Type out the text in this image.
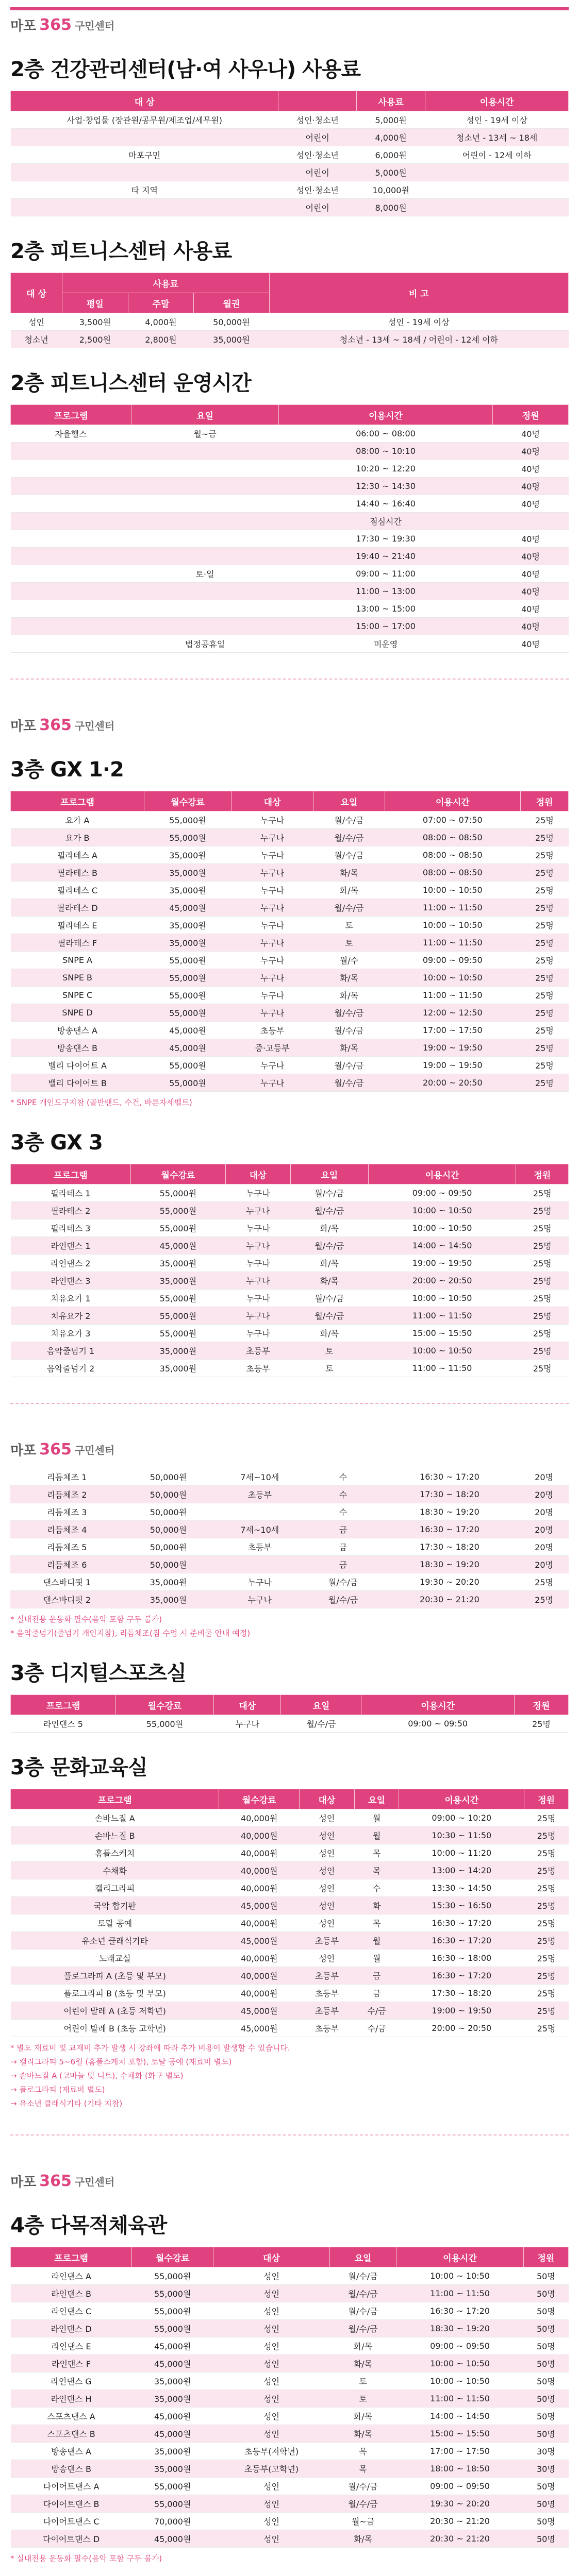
마포 365 구민센터
2층 건강관리센터(남·여 사우나) 사용료
대 상		사용료	이용시간
사업·창업물 (장관원/공무원/제조업/세무원)	성인·청소년	5,000원	성인 - 19세 이상
	어린이	4,000원	청소년 - 13세 ~ 18세
마포구민	성인·청소년	6,000원	어린이 - 12세 이하
	어린이	5,000원	
타 지역	성인·청소년	10,000원	
	어린이	8,000원	
2층 피트니스센터 사용료
대 상	사용료			비 고
	평일	주말	월권	
성인	3,500원	4,000원	50,000원	성인 - 19세 이상
청소년	2,500원	2,800원	35,000원	청소년 - 13세 ~ 18세 / 어린이 - 12세 이하
2층 피트니스센터 운영시간
프로그램	요일	이용시간	정원
자율헬스	월~금	06:00 ~ 08:00	40명
		08:00 ~ 10:10	40명
		10:20 ~ 12:20	40명
		12:30 ~ 14:30	40명
		14:40 ~ 16:40	40명
		점심시간	
		17:30 ~ 19:30	40명
		19:40 ~ 21:40	40명
	토·일	09:00 ~ 11:00	40명
		11:00 ~ 13:00	40명
		13:00 ~ 15:00	40명
		15:00 ~ 17:00	40명
	법정공휴일	미운영	40명
마포 365 구민센터
3층 GX 1·2
프로그램	월수강료	대상	요일	이용시간	정원
요가 A	55,000원	누구나	월/수/금	07:00 ~ 07:50	25명
요가 B	55,000원	누구나	월/수/금	08:00 ~ 08:50	25명
필라테스 A	35,000원	누구나	월/수/금	08:00 ~ 08:50	25명
필라테스 B	35,000원	누구나	화/목	08:00 ~ 08:50	25명
필라테스 C	35,000원	누구나	화/목	10:00 ~ 10:50	25명
필라테스 D	45,000원	누구나	월/수/금	11:00 ~ 11:50	25명
필라테스 E	35,000원	누구나	토	10:00 ~ 10:50	25명
필라테스 F	35,000원	누구나	토	11:00 ~ 11:50	25명
SNPE A	55,000원	누구나	월/수	09:00 ~ 09:50	25명
SNPE B	55,000원	누구나	화/목	10:00 ~ 10:50	25명
SNPE C	55,000원	누구나	화/목	11:00 ~ 11:50	25명
SNPE D	55,000원	누구나	월/수/금	12:00 ~ 12:50	25명
방송댄스 A	45,000원	초등부	월/수/금	17:00 ~ 17:50	25명
방송댄스 B	45,000원	중·고등부	화/목	19:00 ~ 19:50	25명
밸리 다이어트 A	55,000원	누구나	월/수/금	19:00 ~ 19:50	25명
밸리 다이어트 B	55,000원	누구나	월/수/금	20:00 ~ 20:50	25명
* SNPE 개인도구지참 (골반밴드, 수건, 바른자세벨트)
3층 GX 3
프로그램	월수강료	대상	요일	이용시간	정원
필라테스 1	55,000원	누구나	월/수/금	09:00 ~ 09:50	25명
필라테스 2	55,000원	누구나	월/수/금	10:00 ~ 10:50	25명
필라테스 3	55,000원	누구나	화/목	10:00 ~ 10:50	25명
라인댄스 1	45,000원	누구나	월/수/금	14:00 ~ 14:50	25명
라인댄스 2	35,000원	누구나	화/목	19:00 ~ 19:50	25명
라인댄스 3	35,000원	누구나	화/목	20:00 ~ 20:50	25명
치유요가 1	55,000원	누구나	월/수/금	10:00 ~ 10:50	25명
치유요가 2	55,000원	누구나	월/수/금	11:00 ~ 11:50	25명
치유요가 3	55,000원	누구나	화/목	15:00 ~ 15:50	25명
음악줄넘기 1	35,000원	초등부	토	10:00 ~ 10:50	25명
음악줄넘기 2	35,000원	초등부	토	11:00 ~ 11:50	25명
마포 365 구민센터
리듬체조 1	50,000원	7세~10세	수	16:30 ~ 17:20	20명
리듬체조 2	50,000원	초등부	수	17:30 ~ 18:20	20명
리듬체조 3	50,000원		수	18:30 ~ 19:20	20명
리듬체조 4	50,000원	7세~10세	금	16:30 ~ 17:20	20명
리듬체조 5	50,000원	초등부	금	17:30 ~ 18:20	20명
리듬체조 6	50,000원		금	18:30 ~ 19:20	20명
댄스바디핏 1	35,000원	누구나	월/수/금	19:30 ~ 20:20	25명
댄스바디핏 2	35,000원	누구나	월/수/금	20:30 ~ 21:20	25명
* 실내전용 운동화 필수(음악 포함 구두 불가)
* 음악줄넘기(줄넘기 개인지참), 리듬체조(짐 수업 시 준비물 안내 예정)
3층 디지털스포츠실
프로그램	월수강료	대상	요일	이용시간	정원
라인댄스 5	55,000원	누구나	월/수/금	09:00 ~ 09:50	25명
3층 문화교육실
프로그램	월수강료	대상	요일	이용시간	정원
손바느질 A	40,000원	성인	월	09:00 ~ 10:20	25명
손바느질 B	40,000원	성인	월	10:30 ~ 11:50	25명
홈플스케치	40,000원	성인	목	10:00 ~ 11:20	25명
수채화	40,000원	성인	목	13:00 ~ 14:20	25명
캘리그라피	40,000원	성인	수	13:30 ~ 14:50	25명
국악 합기판	45,000원	성인	화	15:30 ~ 16:50	25명
토탈 공예	40,000원	성인	목	16:30 ~ 17:20	25명
유소년 클래식기타	45,000원	초등부	월	16:30 ~ 17:20	25명
노래교실	40,000원	성인	월	16:30 ~ 18:00	25명
플로그라피 A (초등 및 부모)	40,000원	초등부	금	16:30 ~ 17:20	25명
플로그라피 B (초등 및 부모)	40,000원	초등부	금	17:30 ~ 18:20	25명
어린이 발레 A (초등 저학년)	45,000원	초등부	수/금	19:00 ~ 19:50	25명
어린이 발레 B (초등 고학년)	45,000원	초등부	수/금	20:00 ~ 20:50	25명
* 별도 재료비 및 교재비 추가 발생 시 강좌에 따라 추가 비용이 발생할 수 있습니다.
→ 캘리그라피 5~6월 (홈플스케치 포함), 토탈 공예 (재료비 별도)
→ 손바느질 A (코바늘 및 니트), 수채화 (화구 별도)
→ 플로그라피 (재료비 별도)
→ 유소년 클래식기타 (기타 지참)
마포 365 구민센터
4층 다목적체육관
프로그램	월수강료	대상	요일	이용시간	정원
라인댄스 A	55,000원	성인	월/수/금	10:00 ~ 10:50	50명
라인댄스 B	55,000원	성인	월/수/금	11:00 ~ 11:50	50명
라인댄스 C	55,000원	성인	월/수/금	16:30 ~ 17:20	50명
라인댄스 D	55,000원	성인	월/수/금	18:30 ~ 19:20	50명
라인댄스 E	45,000원	성인	화/목	09:00 ~ 09:50	50명
라인댄스 F	45,000원	성인	화/목	10:00 ~ 10:50	50명
라인댄스 G	35,000원	성인	토	10:00 ~ 10:50	50명
라인댄스 H	35,000원	성인	토	11:00 ~ 11:50	50명
스포츠댄스 A	45,000원	성인	화/목	14:00 ~ 14:50	50명
스포츠댄스 B	45,000원	성인	화/목	15:00 ~ 15:50	50명
방송댄스 A	35,000원	초등부(저학년)	목	17:00 ~ 17:50	30명
방송댄스 B	35,000원	초등부(고학년)	목	18:00 ~ 18:50	30명
다이어트댄스 A	55,000원	성인	월/수/금	09:00 ~ 09:50	50명
다이어트댄스 B	55,000원	성인	월/수/금	19:30 ~ 20:20	50명
다이어트댄스 C	70,000원	성인	월~금	20:30 ~ 21:20	50명
다이어트댄스 D	45,000원	성인	화/목	20:30 ~ 21:20	50명
* 실내전용 운동화 필수(음악 포함 구두 불가)
